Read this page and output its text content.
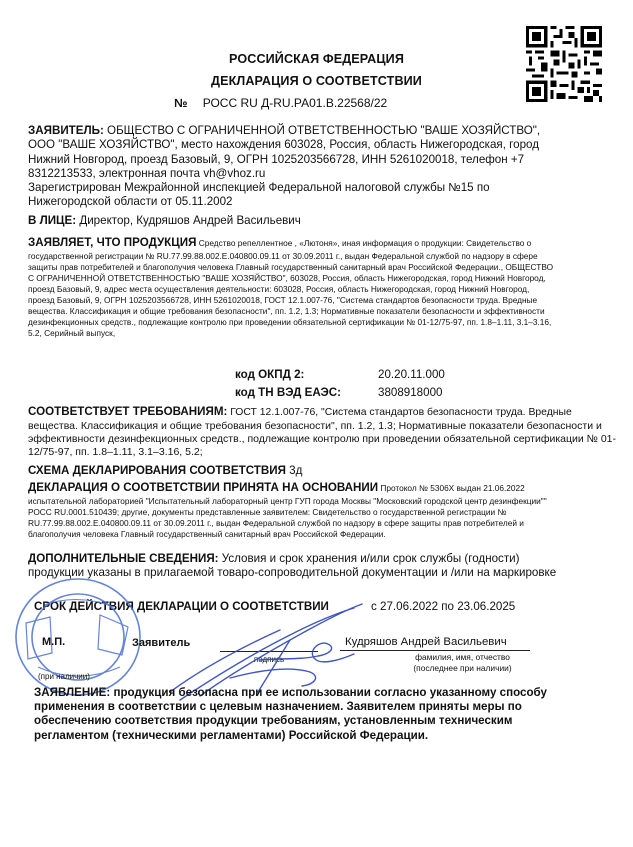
РОССИЙСКАЯ ФЕДЕРАЦИЯ
ДЕКЛАРАЦИЯ О СООТВЕТСТВИИ
№ РОСС RU Д-RU.РА01.В.22568/22
ЗАЯВИТЕЛЬ: ОБЩЕСТВО С ОГРАНИЧЕННОЙ ОТВЕТСТВЕННОСТЬЮ "ВАШЕ ХОЗЯЙСТВО",
ООО "ВАШЕ ХОЗЯЙСТВО", место нахождения 603028, Россия, область Нижегородская, город
Нижний Новгород, проезд Базовый, 9, ОГРН 1025203566728, ИНН 5261020018, телефон +7
8312213533, электронная почта vh@vhoz.ru
Зарегистрирован Межрайонной инспекцией Федеральной налоговой службы №15 по
Нижегородской области от 05.11.2002
В ЛИЦЕ: Директор, Кудряшов Андрей Васильевич
ЗАЯВЛЯЕТ, ЧТО ПРОДУКЦИЯ Средство репеллентное , «Лютоня», иная информация о продукции: Свидетельство о
государственной регистрации № RU.77.99.88.002.Е.040800.09.11 от 30.09.2011 г., выдан Федеральной службой по надзору в сфере
защиты прав потребителей и благополучия человека Главный государственный санитарный врач Российской Федерации., ОБЩЕСТВО
С ОГРАНИЧЕННОЙ ОТВЕТСТВЕННОСТЬЮ "ВАШЕ ХОЗЯЙСТВО", 603028, Россия, область Нижегородская, город Нижний Новгород,
проезд Базовый, 9, адрес места осуществления деятельности: 603028, Россия, область Нижегородская, город Нижний Новгород,
проезд Базовый, 9, ОГРН 1025203566728, ИНН 5261020018, ГОСТ 12.1.007-76, "Система стандартов безопасности труда. Вредные
вещества. Классификация и общие требования безопасности", пп. 1.2, 1.3; Нормативные показатели безопасности и эффективности
дезинфекционных средств., подлежащие контролю при проведении обязательной сертификации № 01-12/75-97, пп. 1.8–1.11, 3.1–3.16,
5.2, Серийный выпуск,
код ОКПД 2:	20.20.11.000
код ТН ВЭД ЕАЭС:	3808918000
СООТВЕТСТВУЕТ ТРЕБОВАНИЯМ: ГОСТ 12.1.007-76, "Система стандартов безопасности труда. Вредные
вещества. Классификация и общие требования безопасности", пп. 1.2, 1.3; Нормативные показатели безопасности и
эффективности дезинфекционных средств., подлежащие контролю при проведении обязательной сертификации № 01-
12/75-97, пп. 1.8–1.11, 3.1–3.16, 5.2;
СХЕМА ДЕКЛАРИРОВАНИЯ СООТВЕТСТВИЯ 3д
ДЕКЛАРАЦИЯ О СООТВЕТСТВИИ ПРИНЯТА НА ОСНОВАНИИ Протокол № 5306Х выдан 21.06.2022
испытательной лабораторией "Испытательный лабораторный центр ГУП города Москвы "Московский городской центр дезинфекции""
РОСС RU.0001.510439; другие, документы представленные заявителем: Свидетельство о государственной регистрации №
RU.77.99.88.002.Е.040800.09.11 от 30.09.2011 г., выдан Федеральной службой по надзору в сфере защиты прав потребителей и
благополучия человека Главный государственный санитарный врач Российской Федерации.
ДОПОЛНИТЕЛЬНЫЕ СВЕДЕНИЯ: Условия и срок хранения и/или срок службы (годности)
продукции указаны в прилагаемой товаро-сопроводительной документации и /или на маркировке
СРОК ДЕЙСТВИЯ ДЕКЛАРАЦИИ О СООТВЕТСТВИИ	с 27.06.2022 по 23.06.2025
М.П.
(при наличии)
Заявитель
подпись
Кудряшов Андрей Васильевич
фамилия, имя, отчество
(последнее при наличии)
ЗАЯВЛЕНИЕ: продукция безопасна при ее использовании согласно указанному способу
применения в соответствии с целевым назначением. Заявителем приняты меры по
обеспечению соответствия продукции требованиям, установленным техническим
регламентом (техническими регламентами) Российской Федерации.
